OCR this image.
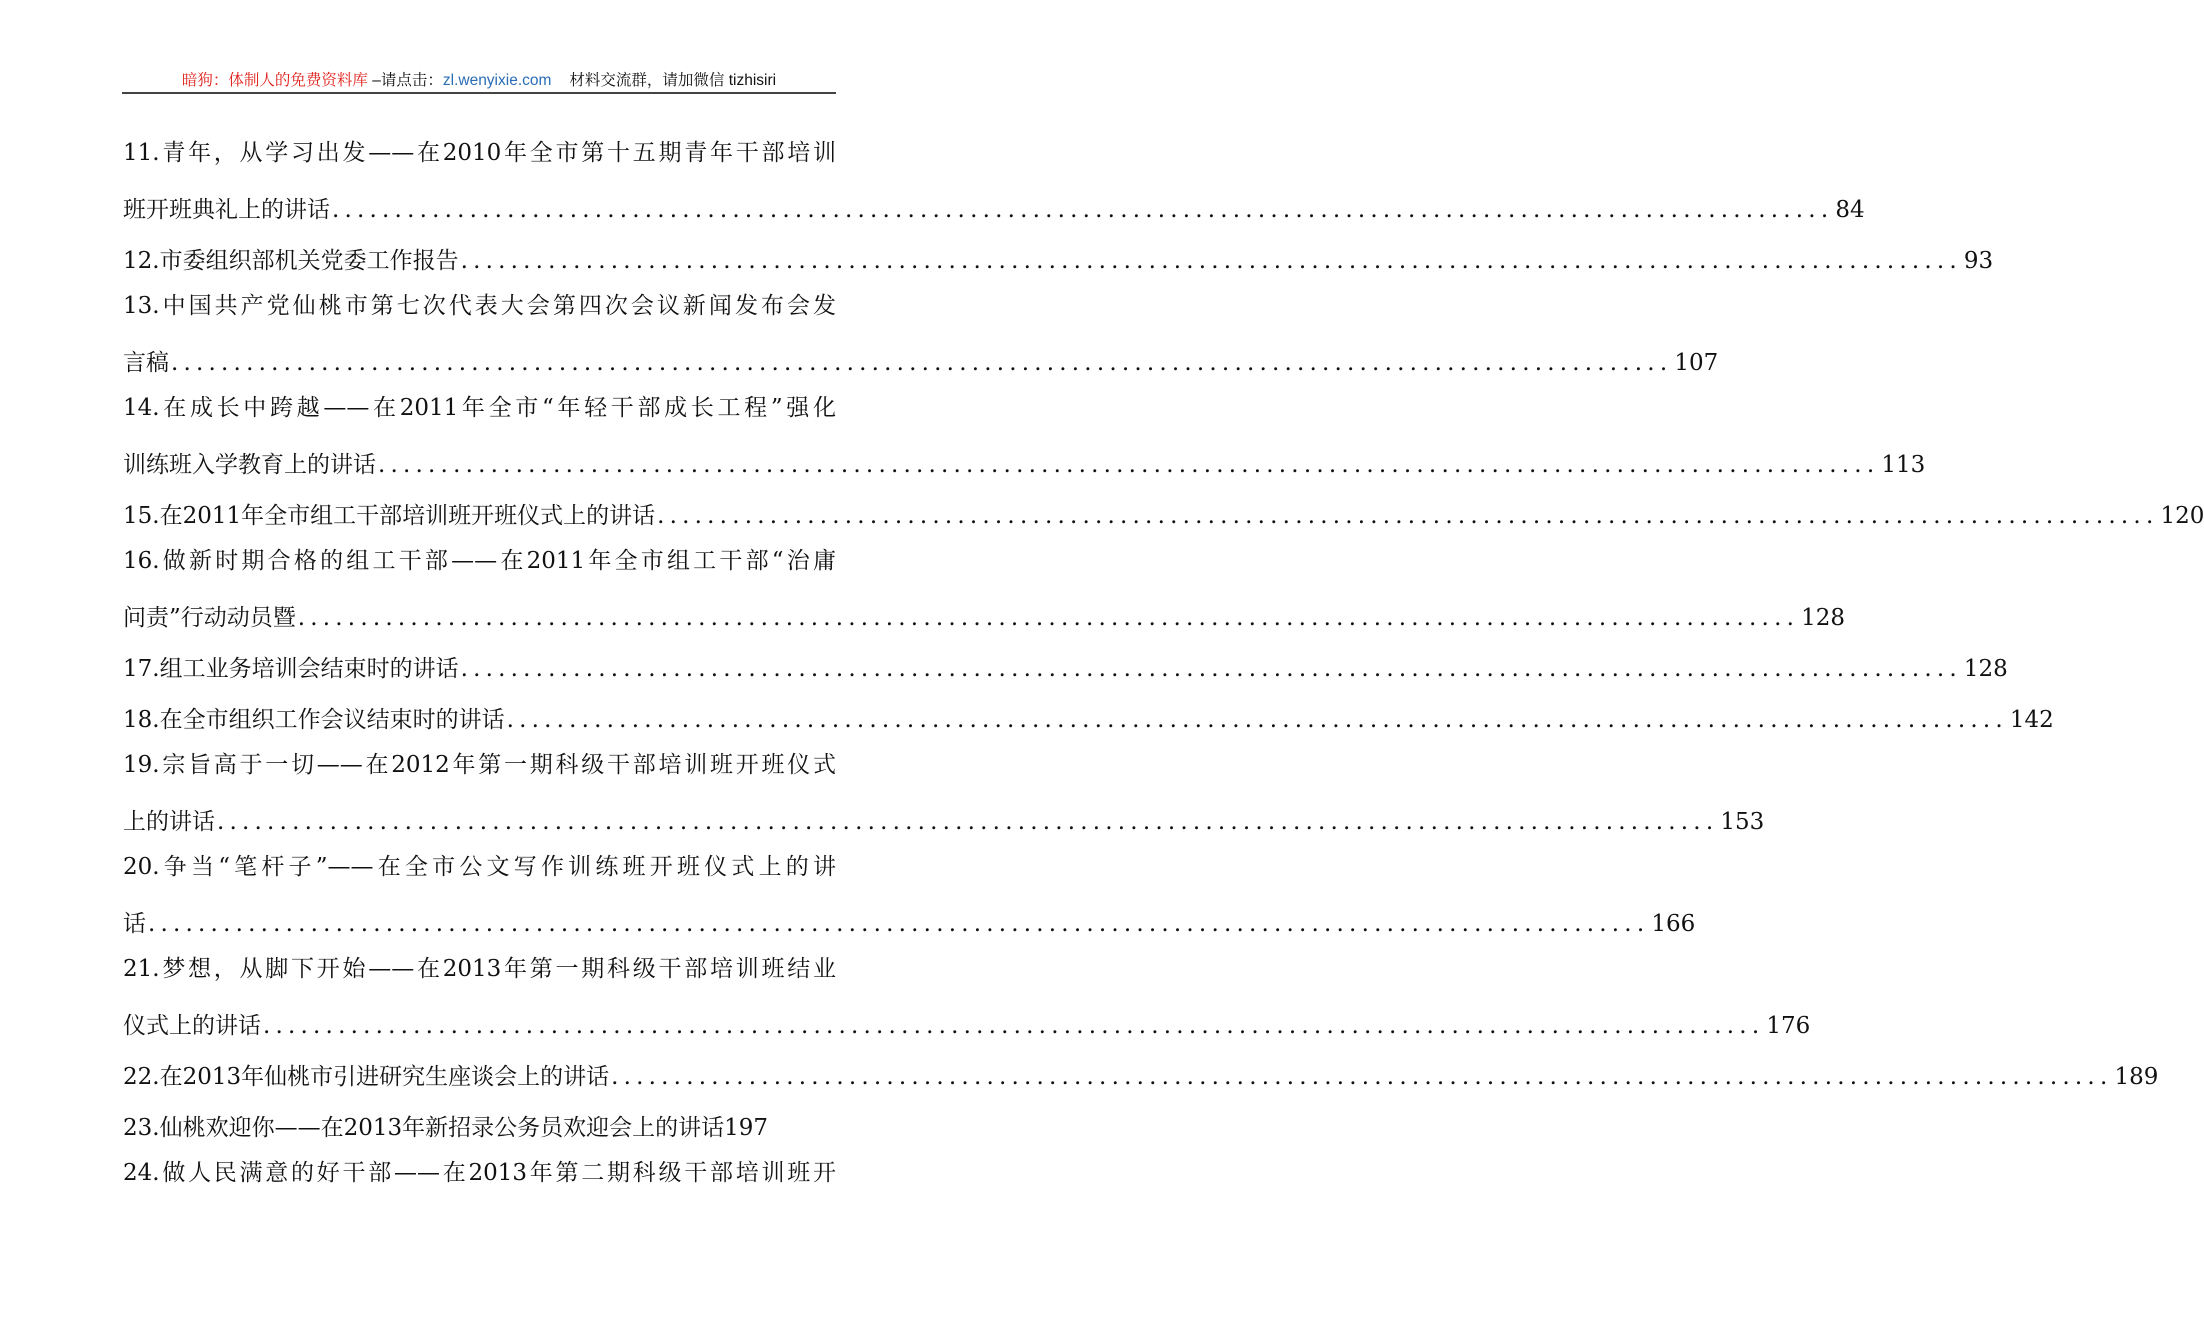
暗狗：体制人的免费资料库 –请点击：zl.wenyixie.com 材料交流群，请加微信 tizhisiri
11.青年，从学习出发——在2010年全市第十五期青年干部培训
班开班典礼上的讲话 ........................................................................................................................ 84
12.市委组织部机关党委工作报告 ........................................................................................................................ 93
13.中国共产党仙桃市第七次代表大会第四次会议新闻发布会发
言稿 ........................................................................................................................ 107
14.在成长中跨越——在2011年全市“年轻干部成长工程”强化
训练班入学教育上的讲话 ........................................................................................................................ 113
15.在2011年全市组工干部培训班开班仪式上的讲话 ........................................................................................................................ 120
16.做新时期合格的组工干部——在2011年全市组工干部“治庸
问责”行动动员暨 ........................................................................................................................ 128
17.组工业务培训会结束时的讲话 ........................................................................................................................ 128
18.在全市组织工作会议结束时的讲话 ........................................................................................................................ 142
19.宗旨高于一切——在2012年第一期科级干部培训班开班仪式
上的讲话 ........................................................................................................................ 153
20.争当“笔杆子”——在全市公文写作训练班开班仪式上的讲
话 ........................................................................................................................ 166
21.梦想，从脚下开始——在2013年第一期科级干部培训班结业
仪式上的讲话 ........................................................................................................................ 176
22.在2013年仙桃市引进研究生座谈会上的讲话 ........................................................................................................................ 189
23.仙桃欢迎你——在2013年新招录公务员欢迎会上的讲话 197
24.做人民满意的好干部——在2013年第二期科级干部培训班开
